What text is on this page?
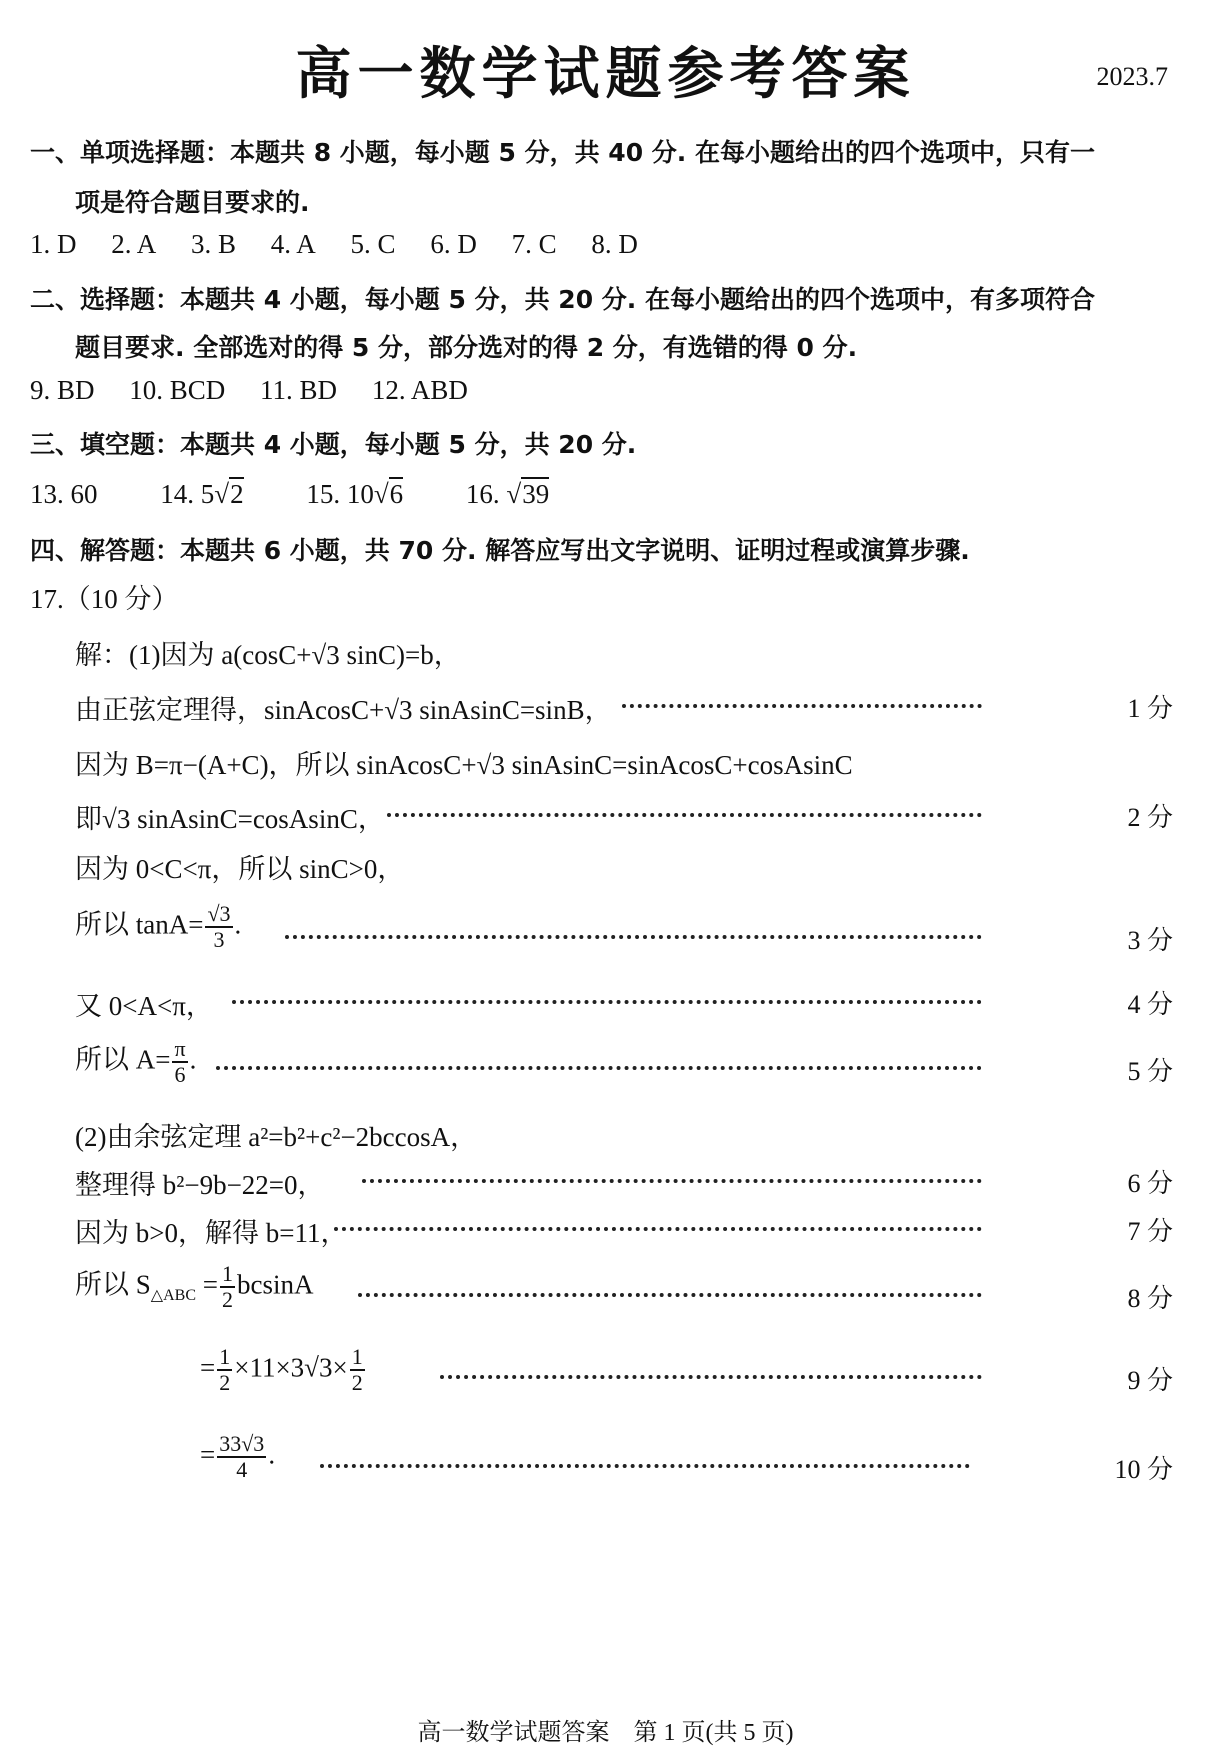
高一数学试题参考答案	2023.7
一、单项选择题：本题共 8 小题，每小题 5 分，共 40 分. 在每小题给出的四个选项中，只有一
项是符合题目要求的.
1. D 2. A 3. B 4. A 5. C 6. D 7. C 8. D
二、选择题：本题共 4 小题，每小题 5 分，共 20 分. 在每小题给出的四个选项中，有多项符合
题目要求. 全部选对的得 5 分，部分选对的得 2 分，有选错的得 0 分.
9. BD 10. BCD 11. BD 12. ABD
三、填空题：本题共 4 小题，每小题 5 分，共 20 分.
13. 60 14. 5√2 15. 10√6 16. √39
四、解答题：本题共 6 小题，共 70 分. 解答应写出文字说明、证明过程或演算步骤.
17.（10 分）
解：(1)因为 a(cosC+√3 sinC)=b，
由正弦定理得，sinAcosC+√3 sinAsinC=sinB，	1 分
因为 B=π−(A+C)，所以 sinAcosC+√3 sinAsinC=sinAcosC+cosAsinC
即√3 sinAsinC=cosAsinC，	2 分
因为 0<C<π，所以 sinC>0，
所以 $\tan A= \frac{√3}{3}$ .
3 分
又 0<A<π，	4 分
所以 $A= \frac{\pi}{6}$ .	5 分
(2)由余弦定理 a²=b²+c²−2bccosA，
整理得 b²−9b−22=0，	6 分
因为 b>0，解得 b=11，	7 分
所以 $S_{\triangle ABC} = \frac{1}{2}$ bcsinA	8 分
= $\frac{1}{2} \times 11\times 3√3\times \frac{1}{2}$	9 分
= $\frac{33√3}{4}$ .
10 分
高一数学试题答案　第 1 页(共 5 页)
